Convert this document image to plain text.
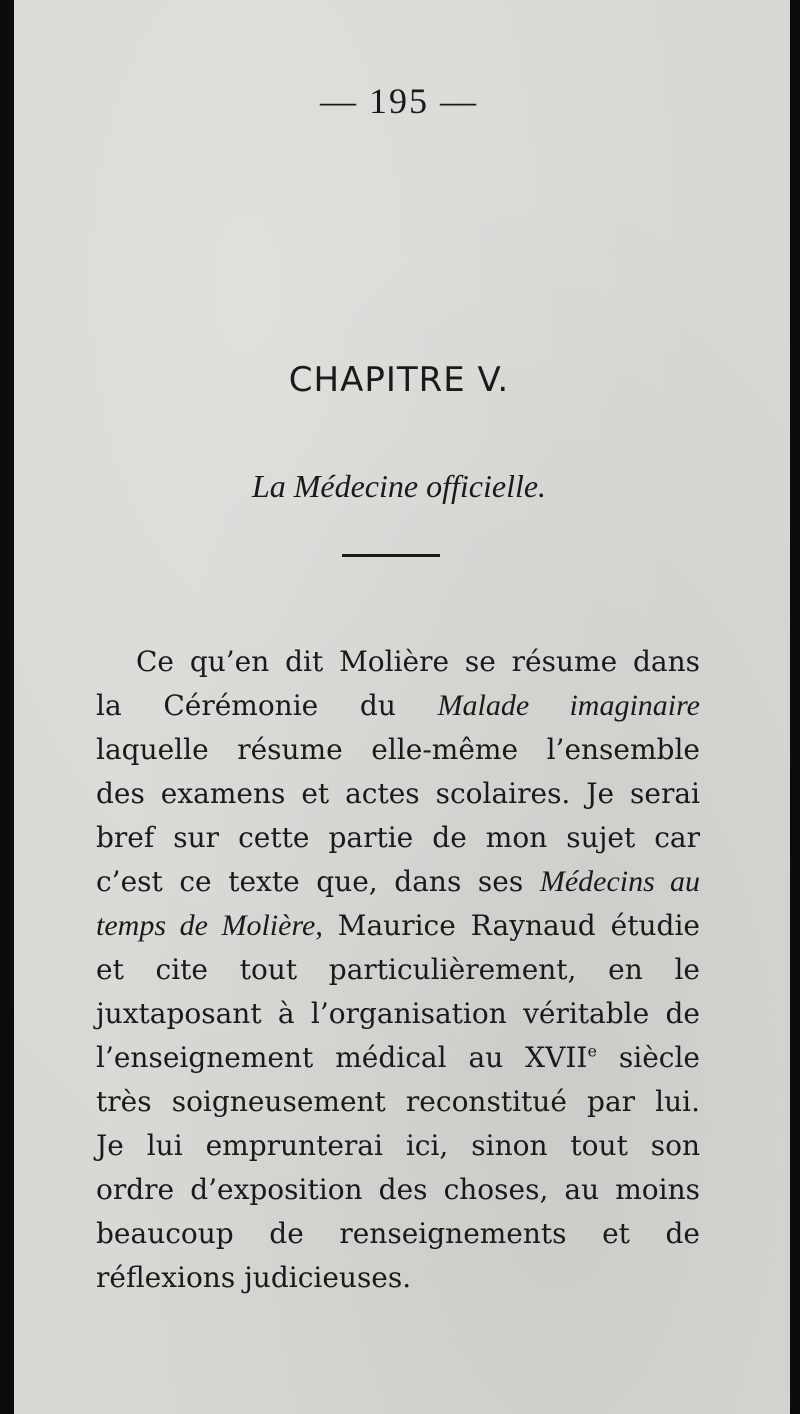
— 195 —
CHAPITRE V.
La Médecine officielle.
Ce qu’en dit Molière se résume dans
la Cérémonie du Malade imaginaire
laquelle résume elle-même l’ensemble
des examens et actes scolaires. Je serai
bref sur cette partie de mon sujet car
c’est ce texte que, dans ses Médecins au
temps de Molière, Maurice Raynaud étudie
et cite tout particulièrement, en le
juxtaposant à l’organisation véritable de
l’enseignement médical au XVIIe siècle
très soigneusement reconstitué par lui.
Je lui emprunterai ici, sinon tout son
ordre d’exposition des choses, au moins
beaucoup de renseignements et de
réflexions judicieuses.
